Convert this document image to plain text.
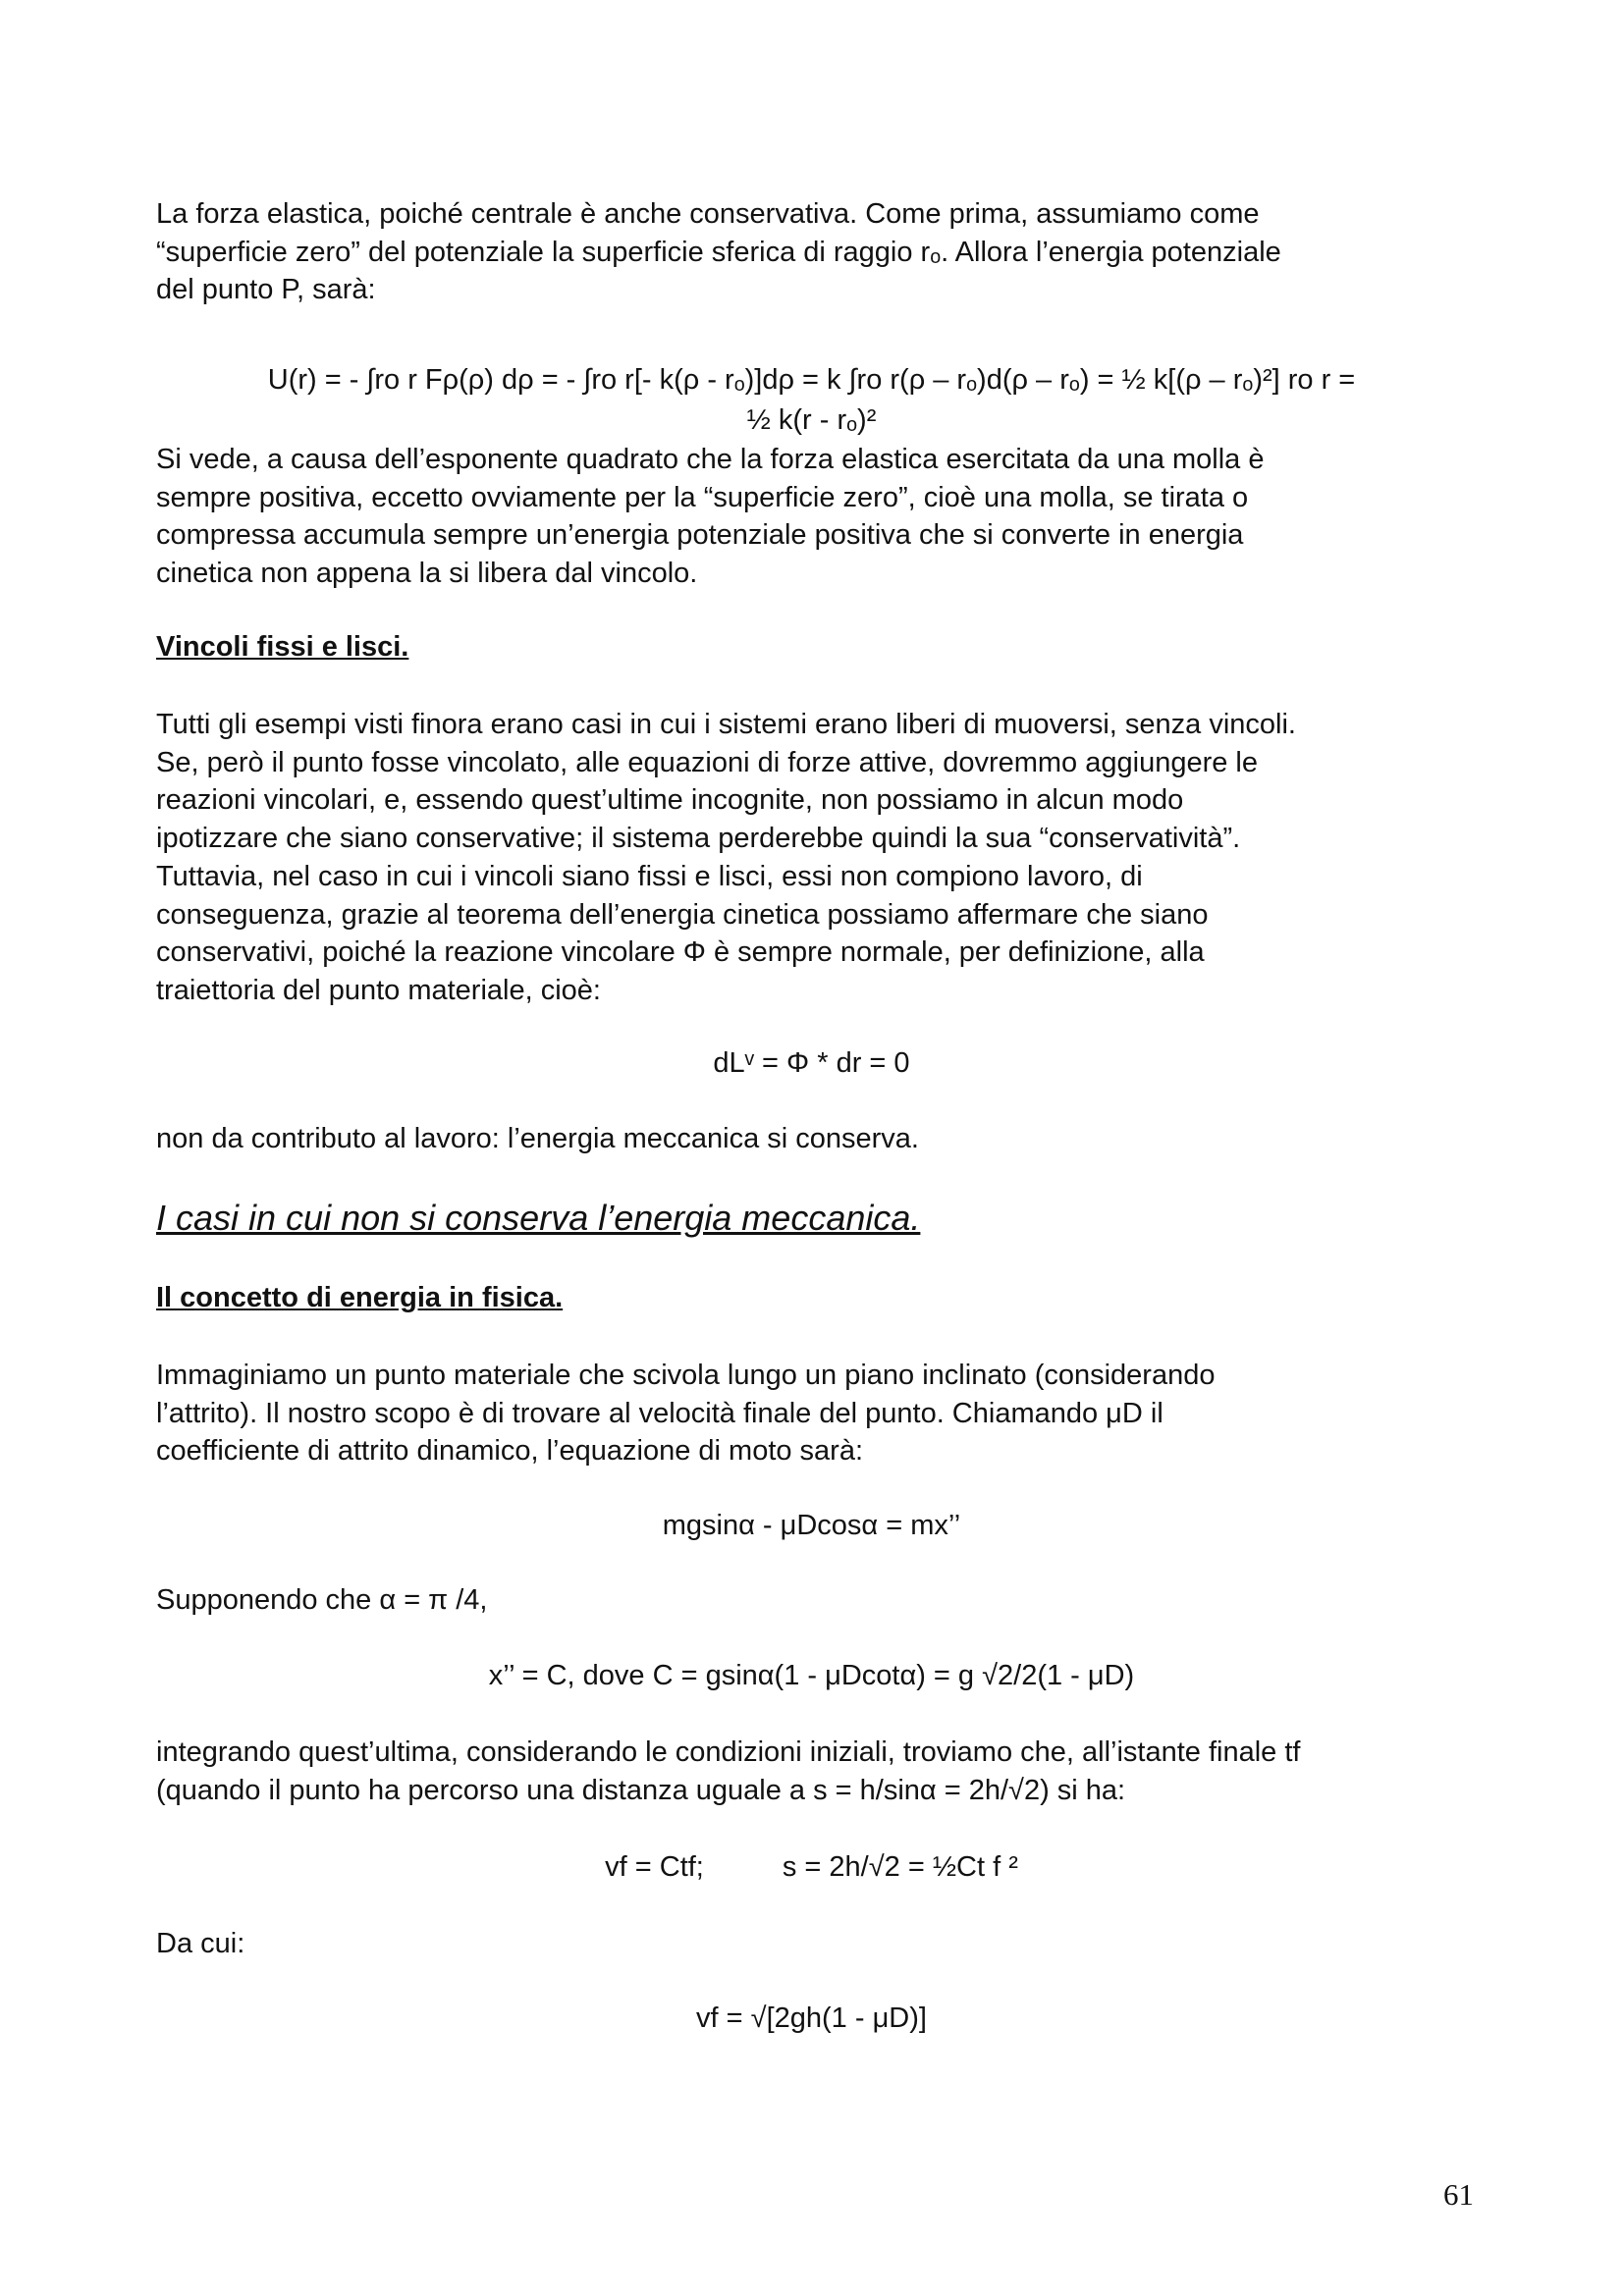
La forza elastica, poiché centrale è anche conservativa. Come prima, assumiamo come
“superficie zero” del potenziale la superficie sferica di raggio rₒ. Allora l’energia potenziale
del punto P, sarà:
U(r) = - ∫ro r Fρ(ρ) dρ = - ∫ro r[- k(ρ - rₒ)]dρ = k ∫ro r(ρ – rₒ)d(ρ – rₒ) = ½ k[(ρ – rₒ)²] ro r =
½ k(r - rₒ)²
Si vede, a causa dell’esponente quadrato che la forza elastica esercitata da una molla è
sempre positiva, eccetto ovviamente per la “superficie zero”, cioè una molla, se tirata o
compressa accumula sempre un’energia potenziale positiva che si converte in energia
cinetica non appena la si libera dal vincolo.
Vincoli fissi e lisci.
Tutti gli esempi visti finora erano casi in cui i sistemi erano liberi di muoversi, senza vincoli.
Se, però il punto fosse vincolato, alle equazioni di forze attive, dovremmo aggiungere le
reazioni vincolari, e, essendo quest’ultime incognite, non possiamo in alcun modo
ipotizzare che siano conservative; il sistema perderebbe quindi la sua “conservatività”.
Tuttavia, nel caso in cui i vincoli siano fissi e lisci, essi non compiono lavoro, di
conseguenza, grazie al teorema dell’energia cinetica possiamo affermare che siano
conservativi, poiché la reazione vincolare Φ è sempre normale, per definizione, alla
traiettoria del punto materiale, cioè:
dLᵛ = Φ * dr = 0
non da contributo al lavoro: l’energia meccanica si conserva.
I casi in cui non si conserva l’energia meccanica.
Il concetto di energia in fisica.
Immaginiamo un punto materiale che scivola lungo un piano inclinato (considerando
l’attrito). Il nostro scopo è di trovare al velocità finale del punto. Chiamando μD il
coefficiente di attrito dinamico, l’equazione di moto sarà:
mgsinα - μDcosα = mx’’
Supponendo che α = π /4,
x’’ = C, dove C = gsinα(1 - μDcotα) = g √2/2(1 - μD)
integrando quest’ultima, considerando le condizioni iniziali, troviamo che, all’istante finale tf
(quando il punto ha percorso una distanza uguale a s = h/sinα = 2h/√2) si ha:
vf = Ctf;	s = 2h/√2 = ½Ct f ²
Da cui:
vf = √[2gh(1 - μD)]
61
